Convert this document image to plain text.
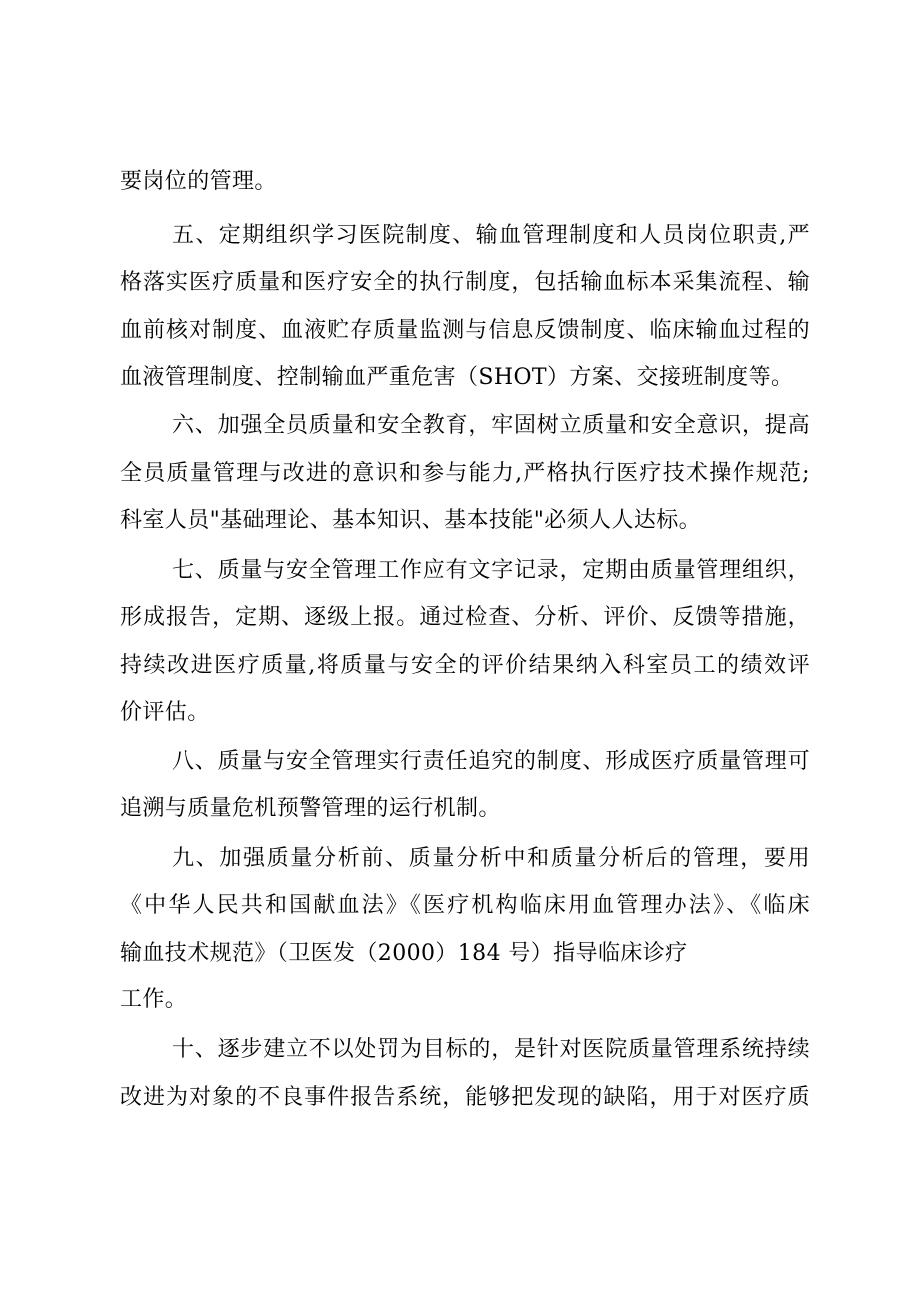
要岗位的管理。
五、定期组织学习医院制度、输血管理制度和人员岗位职责,严
格落实医疗质量和医疗安全的执行制度，包括输血标本采集流程、输
血前核对制度、血液贮存质量监测与信息反馈制度、临床输血过程的
血液管理制度、控制输血严重危害（SHOT）方案、交接班制度等。
六、加强全员质量和安全教育，牢固树立质量和安全意识，提高
全员质量管理与改进的意识和参与能力,严格执行医疗技术操作规范;
科室人员"基础理论、基本知识、基本技能"必须人人达标。
七、质量与安全管理工作应有文字记录，定期由质量管理组织，
形成报告，定期、逐级上报。通过检查、分析、评价、反馈等措施，
持续改进医疗质量,将质量与安全的评价结果纳入科室员工的绩效评
价评估。
八、质量与安全管理实行责任追究的制度、形成医疗质量管理可
追溯与质量危机预警管理的运行机制。
九、加强质量分析前、质量分析中和质量分析后的管理，要用
《中华人民共和国献血法》《医疗机构临床用血管理办法》、《临床
输血技术规范》（卫医发（2000）184 号）指导临床诊疗
工作。
十、逐步建立不以处罚为目标的，是针对医院质量管理系统持续
改进为对象的不良事件报告系统，能够把发现的缺陷，用于对医疗质
